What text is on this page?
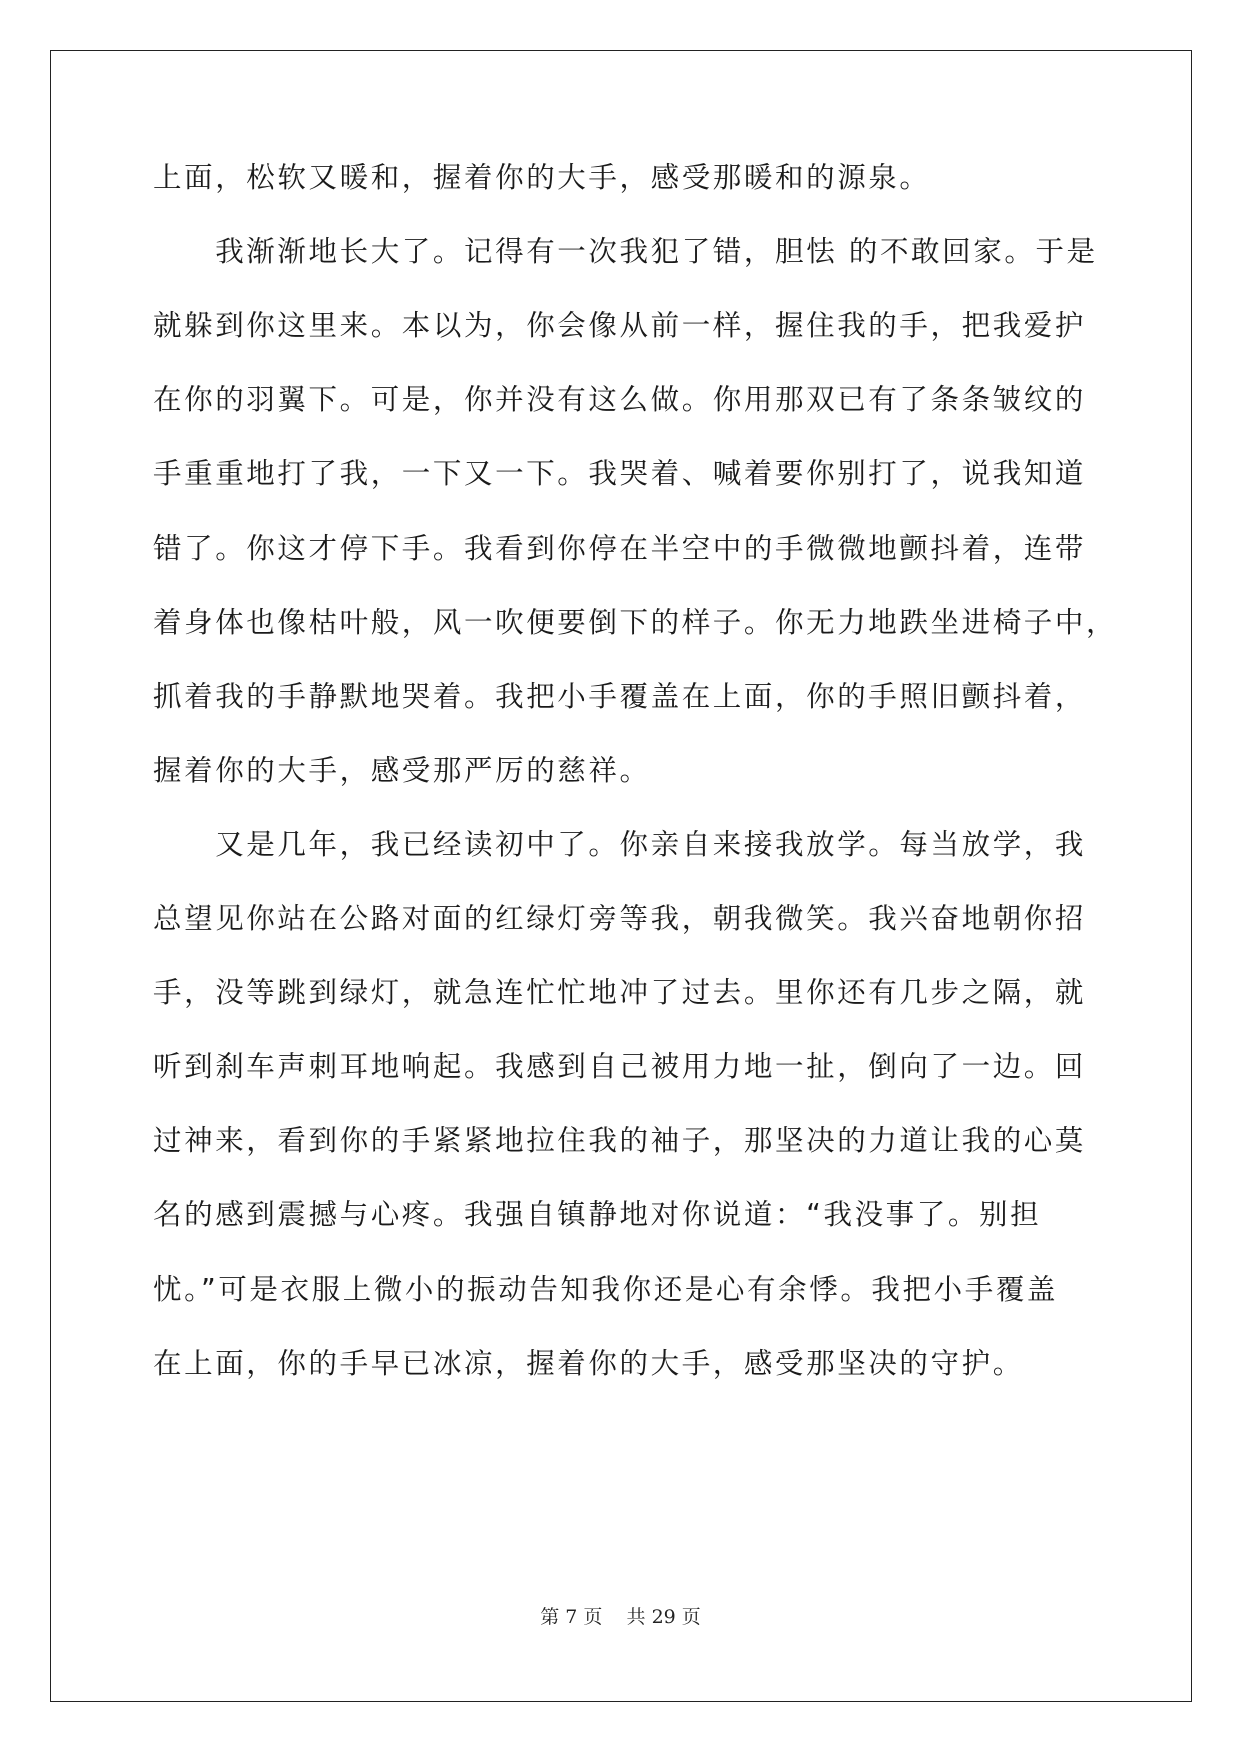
上面，松软又暖和，握着你的大手，感受那暖和的源泉。
　　我渐渐地长大了。记得有一次我犯了错，胆怯 的不敢回家。于是
就躲到你这里来。本以为，你会像从前一样，握住我的手，把我爱护
在你的羽翼下。可是，你并没有这么做。你用那双已有了条条皱纹的
手重重地打了我，一下又一下。我哭着、喊着要你别打了，说我知道
错了。你这才停下手。我看到你停在半空中的手微微地颤抖着，连带
着身体也像枯叶般，风一吹便要倒下的样子。你无力地跌坐进椅子中，
抓着我的手静默地哭着。我把小手覆盖在上面，你的手照旧颤抖着，
握着你的大手，感受那严厉的慈祥。
　　又是几年，我已经读初中了。你亲自来接我放学。每当放学，我
总望见你站在公路对面的红绿灯旁等我，朝我微笑。我兴奋地朝你招
手，没等跳到绿灯，就急连忙忙地冲了过去。里你还有几步之隔，就
听到刹车声刺耳地响起。我感到自己被用力地一扯，倒向了一边。回
过神来，看到你的手紧紧地拉住我的袖子，那坚决的力道让我的心莫
名的感到震撼与心疼。我强自镇静地对你说道：“我没事了。别担
忧。”可是衣服上微小的振动告知我你还是心有余悸。我把小手覆盖
在上面，你的手早已冰凉，握着你的大手，感受那坚决的守护。
第 7 页 共 29 页
